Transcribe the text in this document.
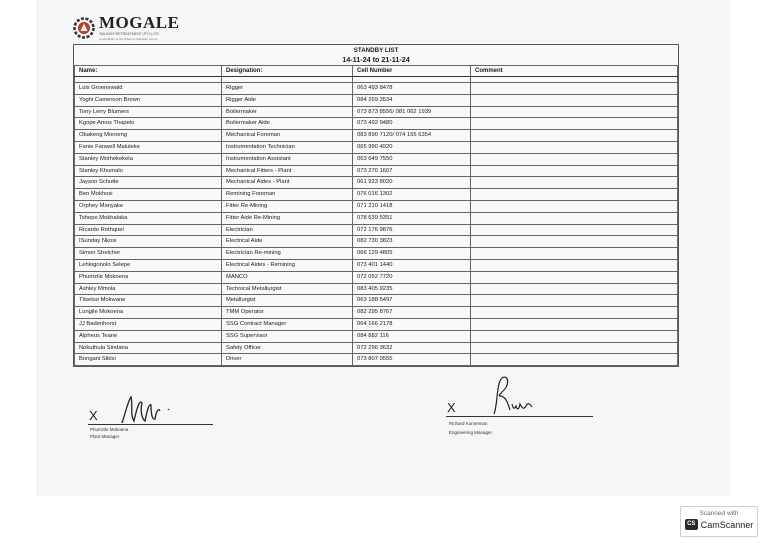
MOGALE
TAILINGS RETREATMENT (PTY) LTD
a subsidiary of the Sibanye-Stillwater Group
STANDBY LIST
14-11-24 to 21-11-24
Name:	Designation:	Cell Number	Comment

Lois Groenewald	Rigger	063 493 8478	
Yoghi Cameroon Brown	Rigger Aide	084 269 3534	
Tony Lerry Blumers	Boilermaker	073 873 8556/ 081 062 1939	
Kgope Amos Thapelo	Boilermaker Aide	073 492 9480	
Obakeng Moroeng	Mechanical Foreman	083 890 7120/ 074 165 6354	
Fanie Fanwell Maluleke	Instrumentation Technician	065 990 4920	
Stanley Mothekekela	Instrumentation Assistant	063 649 7550	
Stanley Khumalo	Mechanical Fitters - Plant	073 270 1607	
Jayson Schutte	Mechanical Aides - Plant	061 923 8020	
Ben Mokhosi	Remining Foreman	076 016 1302	
Orphey Manyake	Fitter Re-Mining	071 210 1418	
Tshepo Mokhalaka	Fitter Aide Re-Mining	078 639 5351	
Ricardo Rothquel	Electrician	072 176 9876	
ISunday Nkosi	Electrical Aide	082 730 3823	
Simon Streicher	Electrician Re-mining	066 129 4805	
Lehlogonolo Selepe	Electrical Aides - Remining	073 401 1440	
Phumzile Mokoena	MANCO	072 052 7720	
Ashley Mmola	Technical Metallurgist	083 405 9235	
Tlisetso Mokwane	Metallurgist	063 188 5497	
Lungile Mokoena	TMM Operator	082 295 8767	
JJ Badenhorst	SSG Contract Manager	064 166 2178	
Alpheus Teane	SSG Supervisor	084 882 116	
Nokuthula Sindana	Safety Officer	072 296 3632	
Bongani Sibisi	Driver	073 807 0555	
X
Phumzile Mokoena
Plant Manager
X
Richard Kunneman
Engineering Manager
Scanned with
CS CamScanner
